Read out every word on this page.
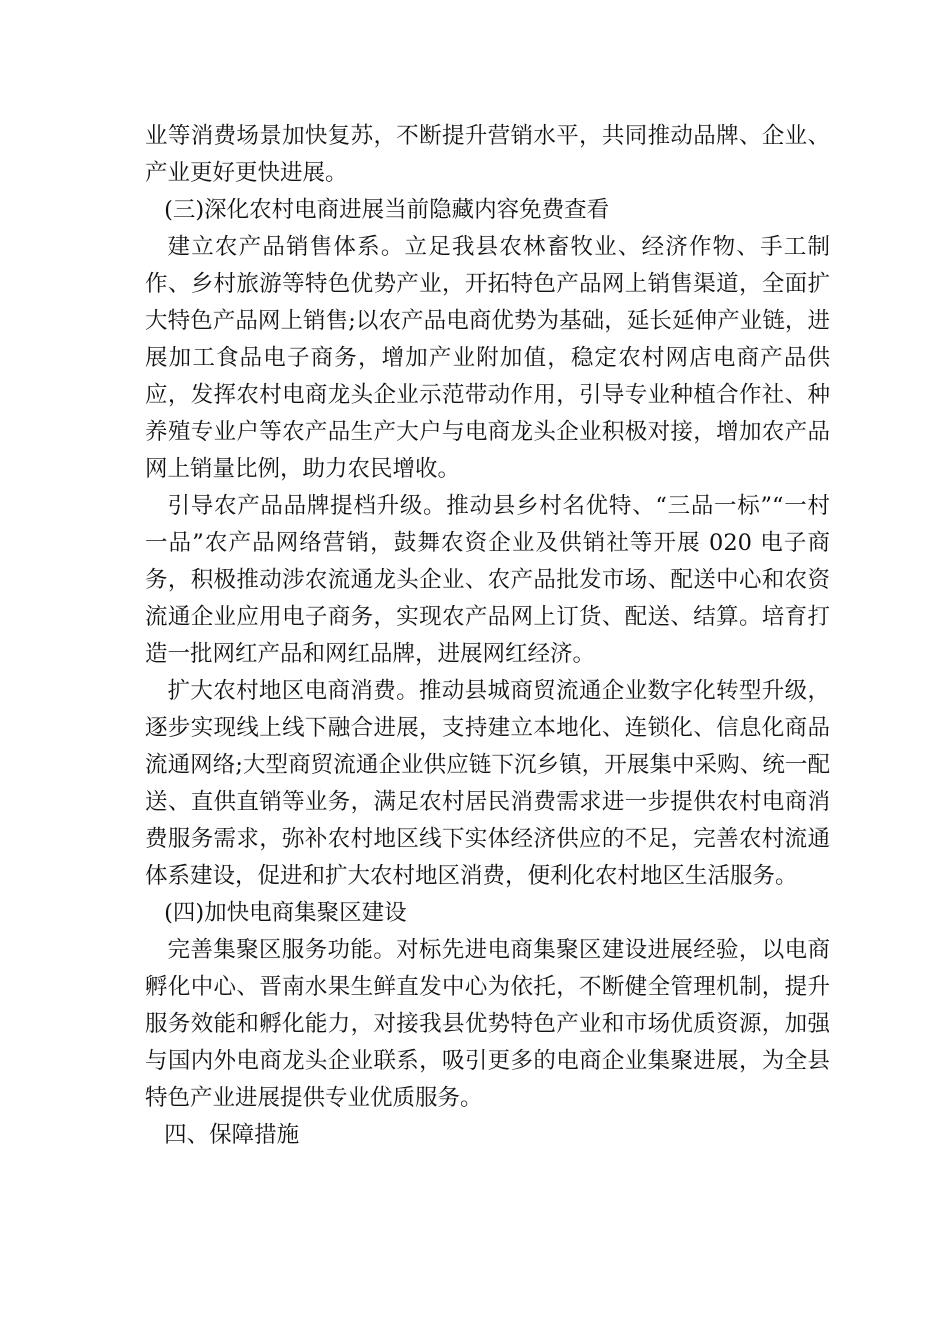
业等消费场景加快复苏，不断提升营销水平，共同推动品牌、企业、产业更好更快进展。

(三)深化农村电商进展当前隐藏内容免费查看

建立农产品销售体系。立足我县农林畜牧业、经济作物、手工制作、乡村旅游等特色优势产业，开拓特色产品网上销售渠道，全面扩大特色产品网上销售;以农产品电商优势为基础，延长延伸产业链，进展加工食品电子商务，增加产业附加值，稳定农村网店电商产品供应，发挥农村电商龙头企业示范带动作用，引导专业种植合作社、种养殖专业户等农产品生产大户与电商龙头企业积极对接，增加农产品网上销量比例，助力农民增收。

引导农产品品牌提档升级。推动县乡村名优特、“三品一标”“一村一品”农产品网络营销，鼓舞农资企业及供销社等开展 020 电子商务，积极推动涉农流通龙头企业、农产品批发市场、配送中心和农资流通企业应用电子商务，实现农产品网上订货、配送、结算。培育打造一批网红产品和网红品牌，进展网红经济。

扩大农村地区电商消费。推动县城商贸流通企业数字化转型升级，逐步实现线上线下融合进展，支持建立本地化、连锁化、信息化商品流通网络;大型商贸流通企业供应链下沉乡镇，开展集中采购、统一配送、直供直销等业务，满足农村居民消费需求进一步提供农村电商消费服务需求，弥补农村地区线下实体经济供应的不足，完善农村流通体系建设，促进和扩大农村地区消费，便利化农村地区生活服务。

(四)加快电商集聚区建设

完善集聚区服务功能。对标先进电商集聚区建设进展经验，以电商孵化中心、晋南水果生鲜直发中心为依托，不断健全管理机制，提升服务效能和孵化能力，对接我县优势特色产业和市场优质资源，加强与国内外电商龙头企业联系，吸引更多的电商企业集聚进展，为全县特色产业进展提供专业优质服务。

四、保障措施
